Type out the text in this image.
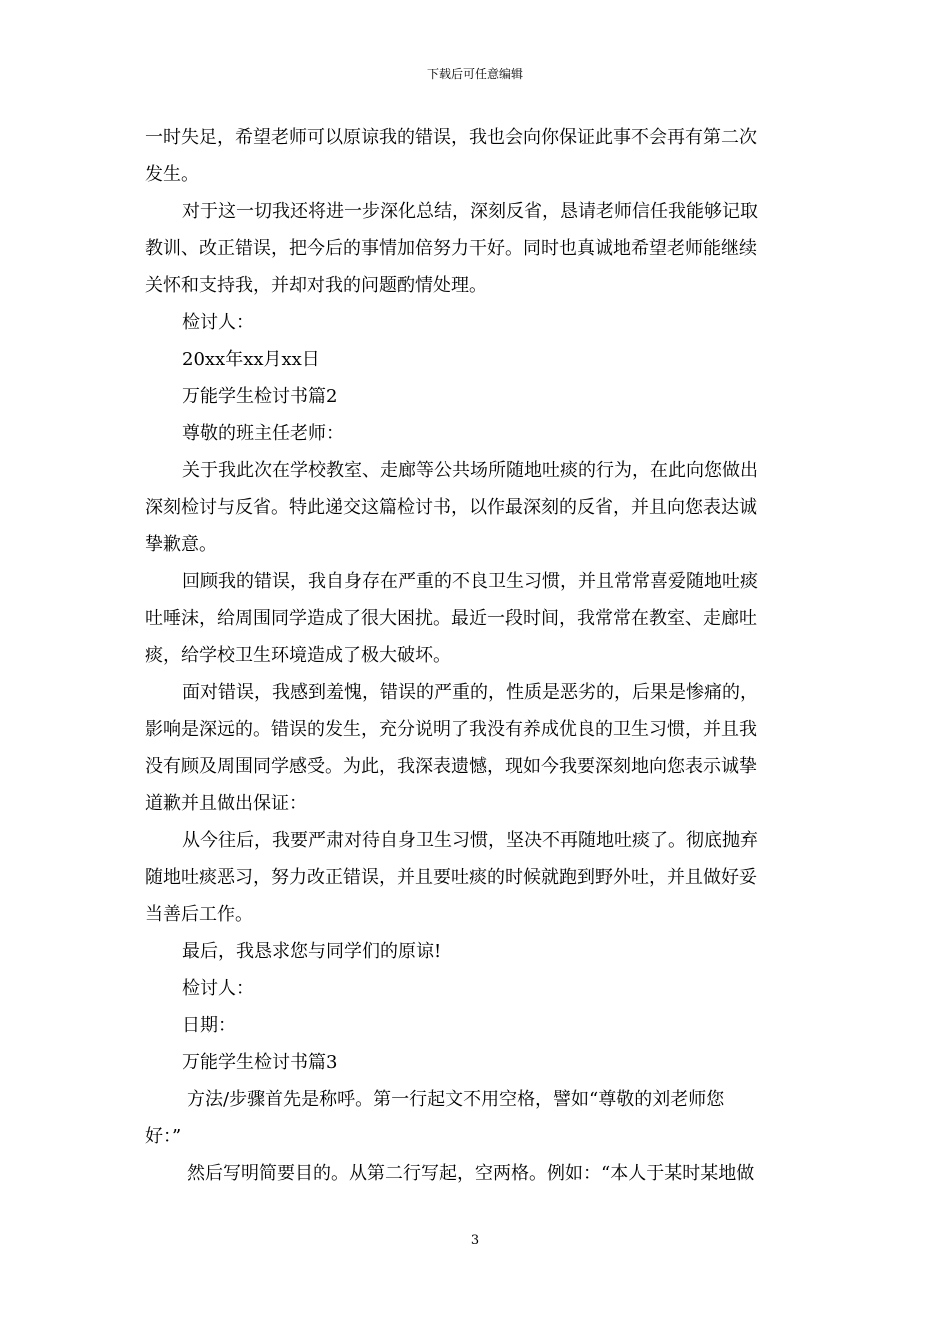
下载后可任意编辑
一时失足，希望老师可以原谅我的错误，我也会向你保证此事不会再有第二次
发生。
对于这一切我还将进一步深化总结，深刻反省，恳请老师信任我能够记取
教训、改正错误，把今后的事情加倍努力干好。同时也真诚地希望老师能继续
关怀和支持我，并却对我的问题酌情处理。
检讨人：
20xx年xx月xx日
万能学生检讨书篇2
尊敬的班主任老师：
关于我此次在学校教室、走廊等公共场所随地吐痰的行为，在此向您做出
深刻检讨与反省。特此递交这篇检讨书，以作最深刻的反省，并且向您表达诚
挚歉意。
回顾我的错误，我自身存在严重的不良卫生习惯，并且常常喜爱随地吐痰
吐唾沫，给周围同学造成了很大困扰。最近一段时间，我常常在教室、走廊吐
痰，给学校卫生环境造成了极大破坏。
面对错误，我感到羞愧，错误的严重的，性质是恶劣的，后果是惨痛的，
影响是深远的。错误的发生，充分说明了我没有养成优良的卫生习惯，并且我
没有顾及周围同学感受。为此，我深表遗憾，现如今我要深刻地向您表示诚挚
道歉并且做出保证：
从今往后，我要严肃对待自身卫生习惯，坚决不再随地吐痰了。彻底抛弃
随地吐痰恶习，努力改正错误，并且要吐痰的时候就跑到野外吐，并且做好妥
当善后工作。
最后，我恳求您与同学们的原谅!
检讨人：
日期：
万能学生检讨书篇3
方法/步骤首先是称呼。第一行起文不用空格，譬如“尊敬的刘老师您
好：”
然后写明简要目的。从第二行写起，空两格。例如：“本人于某时某地做
3
